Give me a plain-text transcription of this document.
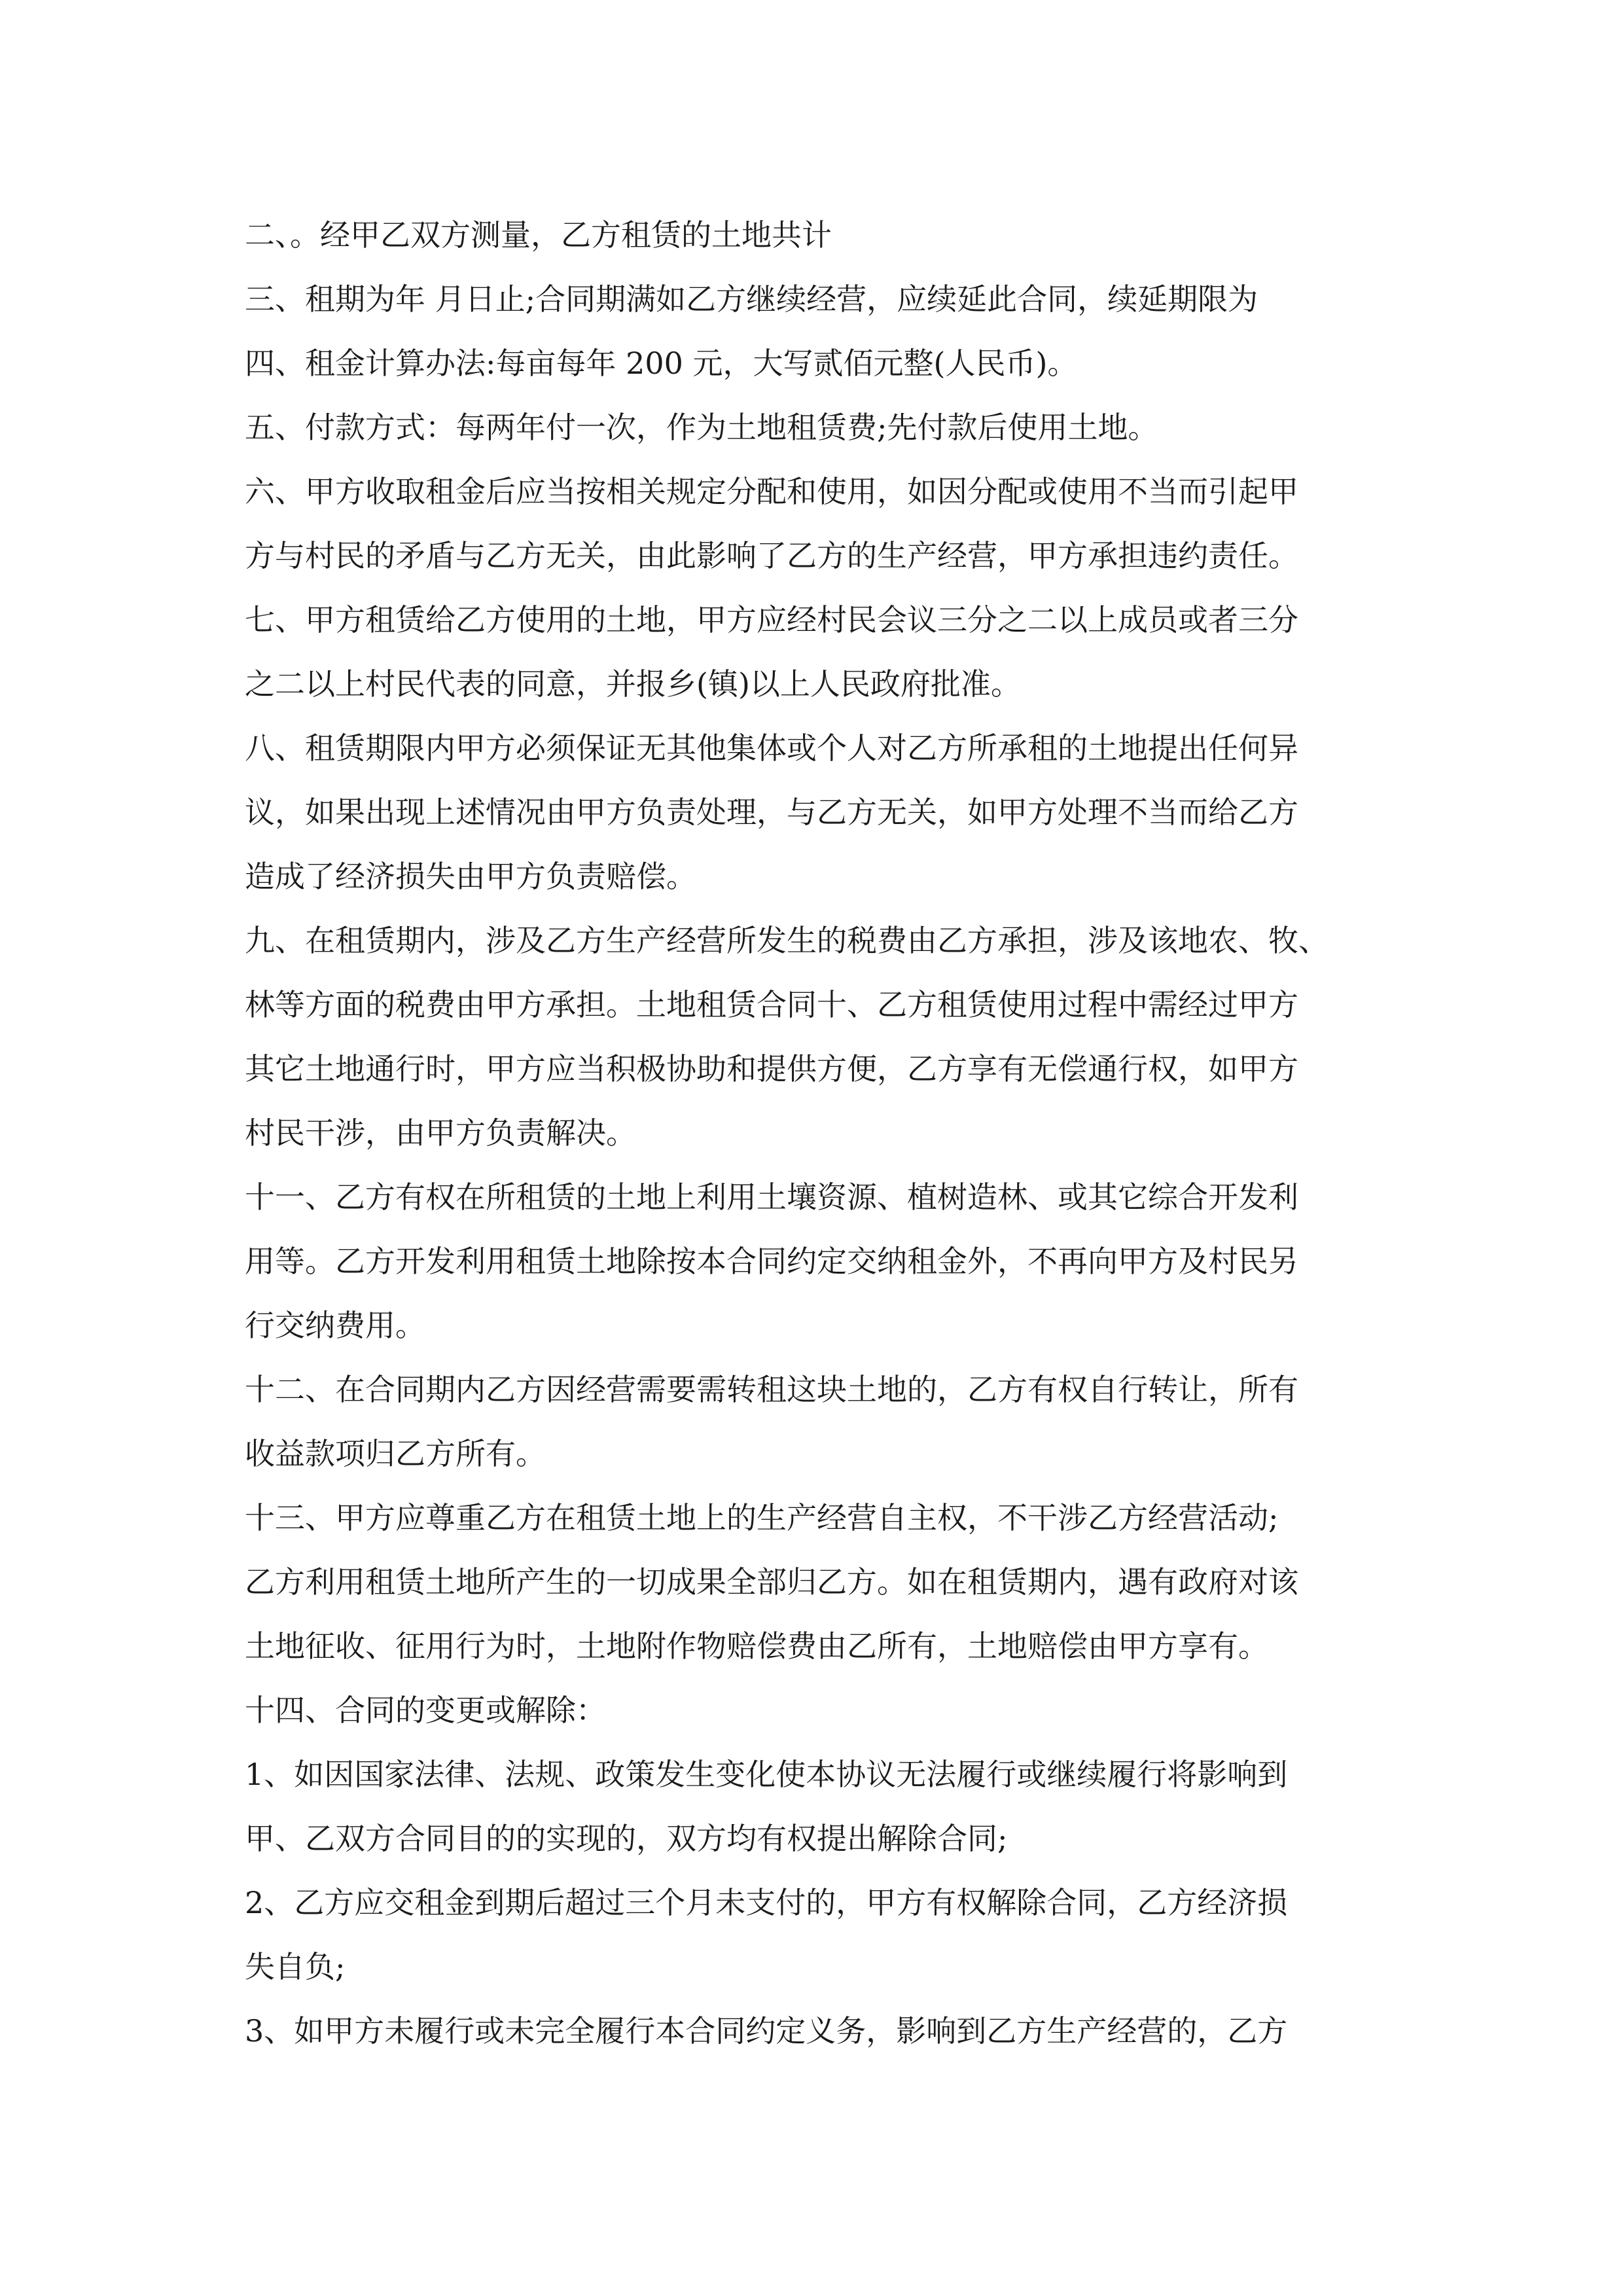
二、。经甲乙双方测量，乙方租赁的土地共计
三、租期为年 月日止;合同期满如乙方继续经营，应续延此合同，续延期限为
四、租金计算办法:每亩每年 200 元，大写贰佰元整(人民币)。
五、付款方式：每两年付一次，作为土地租赁费;先付款后使用土地。
六、甲方收取租金后应当按相关规定分配和使用，如因分配或使用不当而引起甲
方与村民的矛盾与乙方无关，由此影响了乙方的生产经营，甲方承担违约责任。
七、甲方租赁给乙方使用的土地，甲方应经村民会议三分之二以上成员或者三分
之二以上村民代表的同意，并报乡(镇)以上人民政府批准。
八、租赁期限内甲方必须保证无其他集体或个人对乙方所承租的土地提出任何异
议，如果出现上述情况由甲方负责处理，与乙方无关，如甲方处理不当而给乙方
造成了经济损失由甲方负责赔偿。
九、在租赁期内，涉及乙方生产经营所发生的税费由乙方承担，涉及该地农、牧、
林等方面的税费由甲方承担。土地租赁合同十、乙方租赁使用过程中需经过甲方
其它土地通行时，甲方应当积极协助和提供方便，乙方享有无偿通行权，如甲方
村民干涉，由甲方负责解决。
十一、乙方有权在所租赁的土地上利用土壤资源、植树造林、或其它综合开发利
用等。乙方开发利用租赁土地除按本合同约定交纳租金外，不再向甲方及村民另
行交纳费用。
十二、在合同期内乙方因经营需要需转租这块土地的，乙方有权自行转让，所有
收益款项归乙方所有。
十三、甲方应尊重乙方在租赁土地上的生产经营自主权，不干涉乙方经营活动;
乙方利用租赁土地所产生的一切成果全部归乙方。如在租赁期内，遇有政府对该
土地征收、征用行为时，土地附作物赔偿费由乙所有，土地赔偿由甲方享有。
十四、合同的变更或解除：
1、如因国家法律、法规、政策发生变化使本协议无法履行或继续履行将影响到
甲、乙双方合同目的的实现的，双方均有权提出解除合同;
2、乙方应交租金到期后超过三个月未支付的，甲方有权解除合同，乙方经济损
失自负;
3、如甲方未履行或未完全履行本合同约定义务，影响到乙方生产经营的，乙方
